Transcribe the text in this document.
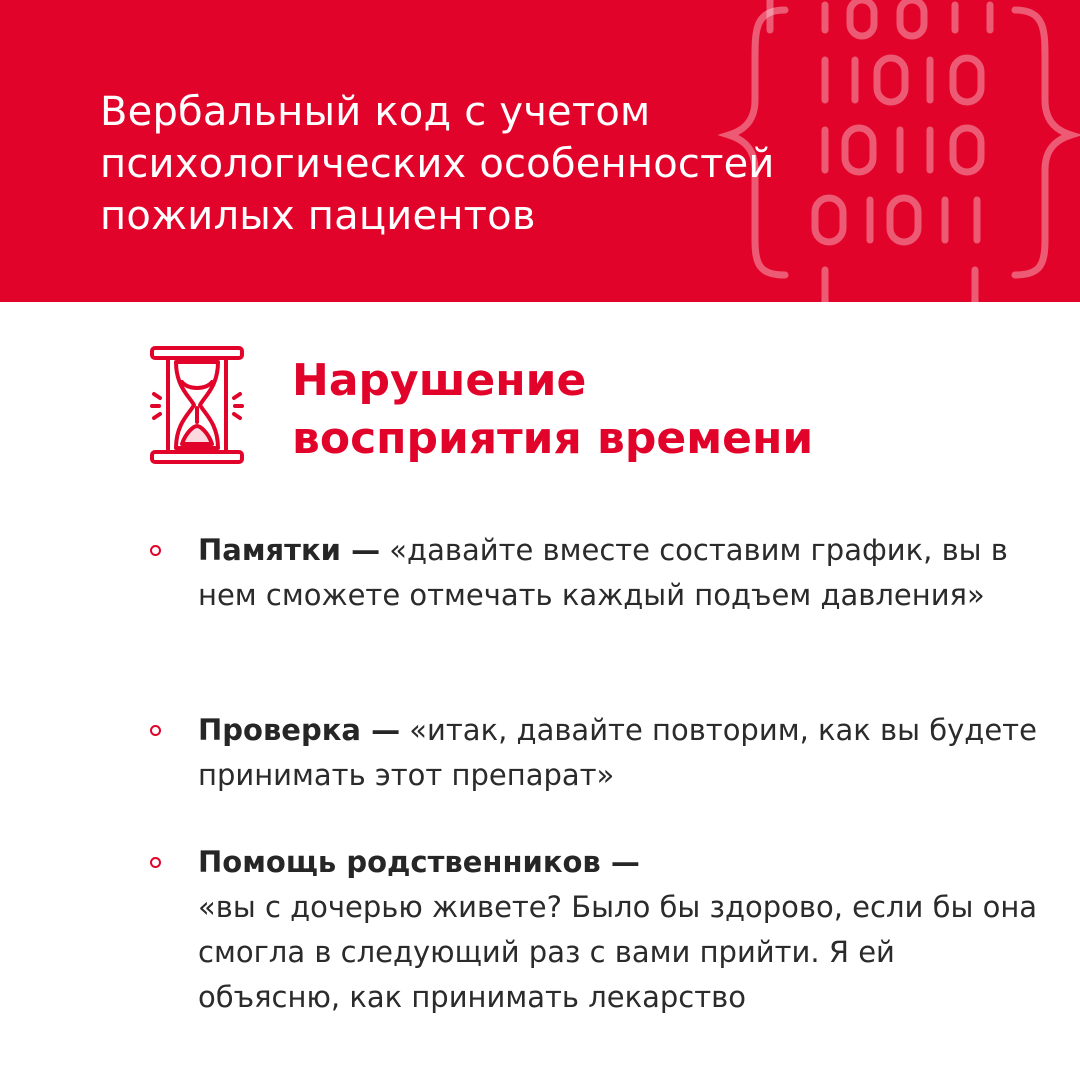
Вербальный код с учетом психологических особенностей пожилых пациентов
Нарушение
восприятия времени

Памятки — «давайте вместе составим график, вы в нем сможете отмечать каждый подъем давления»

Проверка — «итак, давайте повторим, как вы будете принимать этот препарат»

Помощь родственников —
«вы с дочерью живете? Было бы здорово, если бы она смогла в следующий раз с вами прийти. Я ей объясню, как принимать лекарство
